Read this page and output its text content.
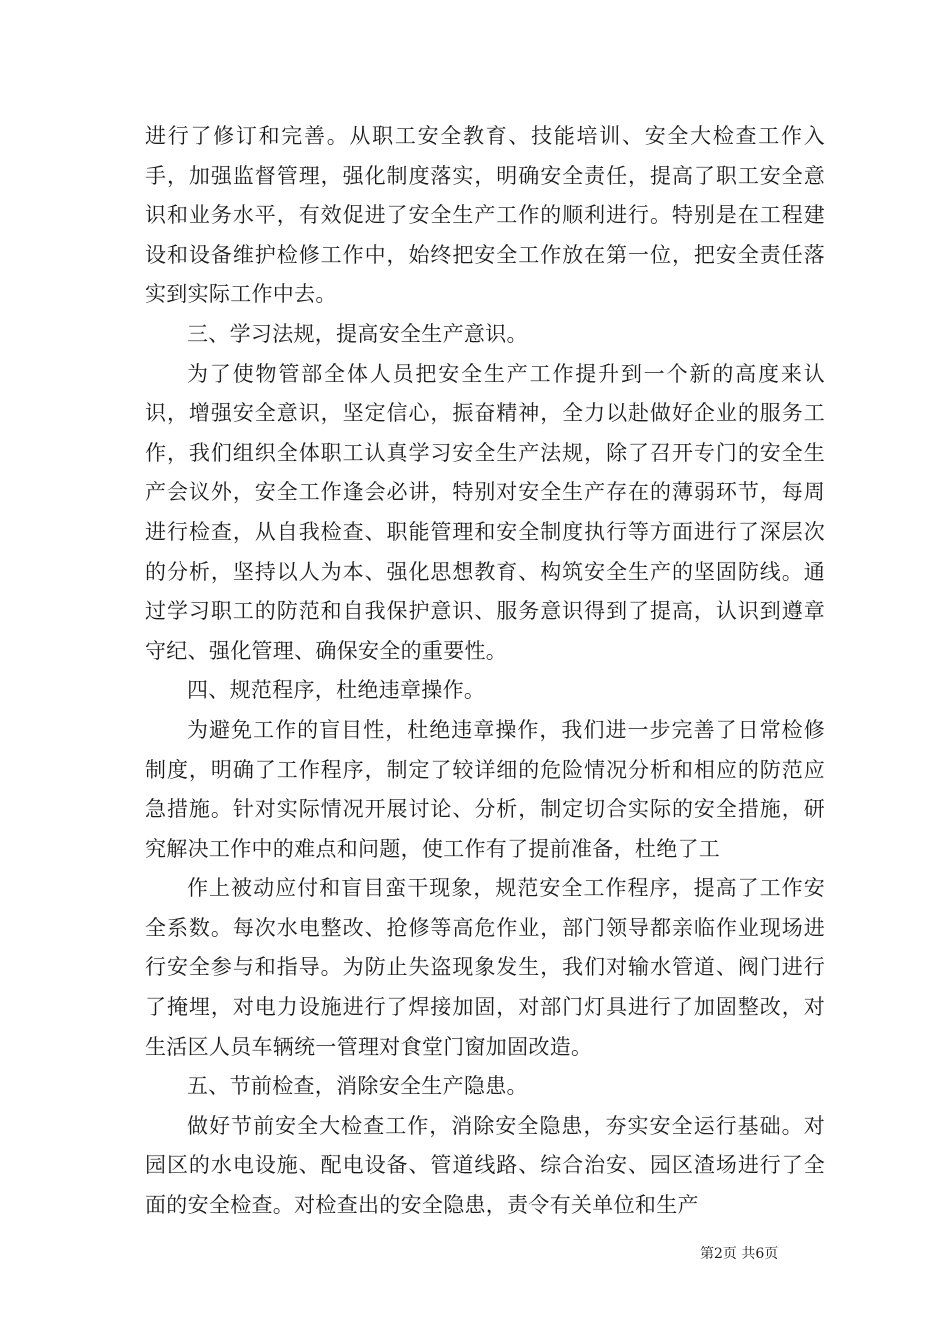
进行了修订和完善。从职工安全教育、技能培训、安全大检查工作入手，加强监督管理，强化制度落实，明确安全责任，提高了职工安全意识和业务水平，有效促进了安全生产工作的顺利进行。特别是在工程建设和设备维护检修工作中，始终把安全工作放在第一位，把安全责任落实到实际工作中去。

三、学习法规，提高安全生产意识。

为了使物管部全体人员把安全生产工作提升到一个新的高度来认识，增强安全意识，坚定信心，振奋精神，全力以赴做好企业的服务工作，我们组织全体职工认真学习安全生产法规，除了召开专门的安全生产会议外，安全工作逢会必讲，特别对安全生产存在的薄弱环节，每周进行检查，从自我检查、职能管理和安全制度执行等方面进行了深层次的分析，坚持以人为本、强化思想教育、构筑安全生产的坚固防线。通过学习职工的防范和自我保护意识、服务意识得到了提高，认识到遵章守纪、强化管理、确保安全的重要性。

四、规范程序，杜绝违章操作。

为避免工作的盲目性，杜绝违章操作，我们进一步完善了日常检修制度，明确了工作程序，制定了较详细的危险情况分析和相应的防范应急措施。针对实际情况开展讨论、分析，制定切合实际的安全措施，研究解决工作中的难点和问题，使工作有了提前准备，杜绝了工

作上被动应付和盲目蛮干现象，规范安全工作程序，提高了工作安全系数。每次水电整改、抢修等高危作业，部门领导都亲临作业现场进行安全参与和指导。为防止失盗现象发生，我们对输水管道、阀门进行了掩埋，对电力设施进行了焊接加固，对部门灯具进行了加固整改，对生活区人员车辆统一管理对食堂门窗加固改造。

五、节前检查，消除安全生产隐患。

做好节前安全大检查工作，消除安全隐患，夯实安全运行基础。对园区的水电设施、配电设备、管道线路、综合治安、园区渣场进行了全面的安全检查。对检查出的安全隐患，责令有关单位和生产

第2页 共6页
